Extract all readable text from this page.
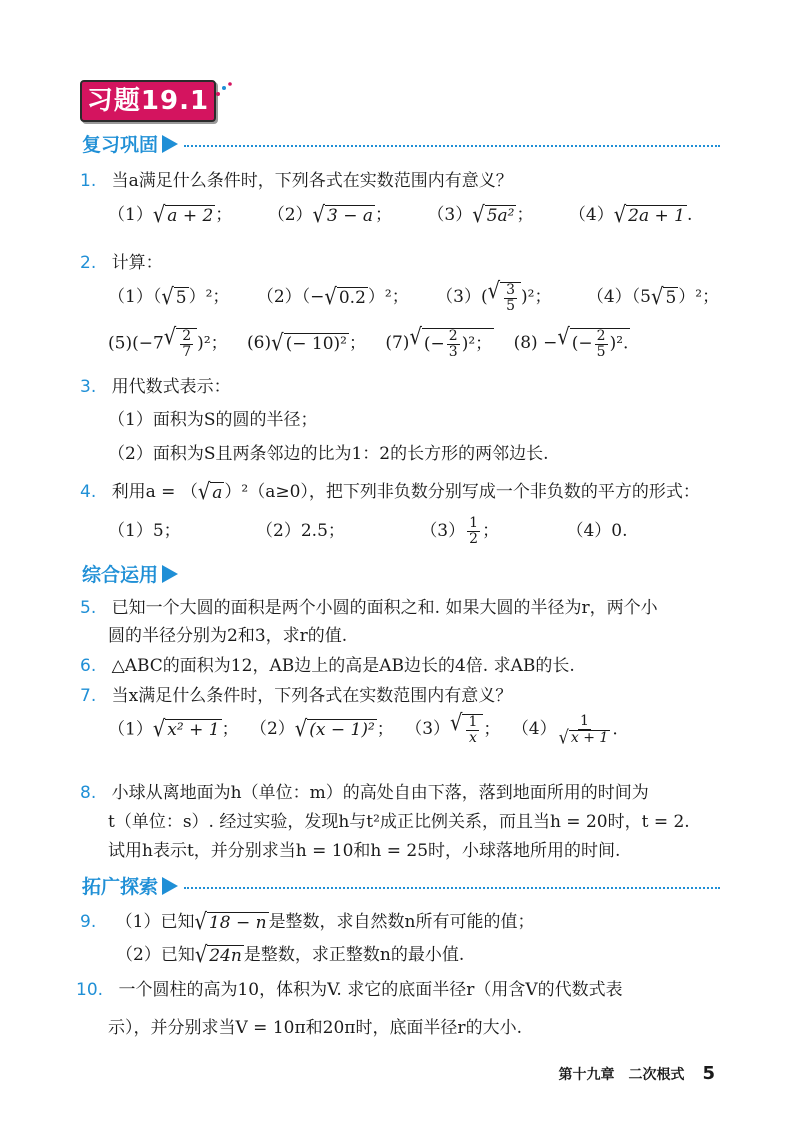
习题19.1
复习巩固
1. 当a满足什么条件时，下列各式在实数范围内有意义？
（1） √ a + 2 ； （2） √ 3 − a ； （3） √ 5a² ； （4） √ 2a + 1 .
2. 计算：
（1）（ √ 5 ）²； （2）（− √ 0.2 ）²； （3）( √ $\frac{3}{5} )^2$； （4）（5 √ 5 ）²；
(5)(−7 √ $\frac{2}{7} )^2$； (6) √ (− 10)² ； (7) √ (− $\frac{2}{3} )^2$； (8) − √ (− $\frac{2}{5} )^2$.
3. 用代数式表示：
（1）面积为S的圆的半径；
（2）面积为S且两条邻边的比为1：2的长方形的两邻边长.
4. 利用a = （ √ a ）²（a≥0），把下列非负数分别写成一个非负数的平方的形式：
（1）5；	（2）2.5；	$(3) \frac{1}{2}$ ；	（4）0.
综合运用
5. 已知一个大圆的面积是两个小圆的面积之和. 如果大圆的半径为r，两个小
圆的半径分别为2和3，求r的值.
6. △ABC的面积为12，AB边上的高是AB边长的4倍. 求AB的长.
7. 当x满足什么条件时，下列各式在实数范围内有意义？
（1） √ x² + 1 ； （2） √ (x − 1)² ； （3） √ $\frac{1}{x}$ ； $(4) \frac{1}{√ x + 1}$ .
8. 小球从离地面为h（单位：m）的高处自由下落，落到地面所用的时间为
t（单位：s）. 经过实验，发现h与t²成正比例关系，而且当h = 20时，t = 2.
试用h表示t，并分别求当h = 10和h = 25时，小球落地所用的时间.
拓广探索
9. （1）已知 √ 18 − n 是整数，求自然数n所有可能的值；
（2）已知 √ 24n 是整数，求正整数n的最小值.
10. 一个圆柱的高为10，体积为V. 求它的底面半径r（用含V的代数式表
示），并分别求当V = 10π和20π时，底面半径r的大小.
第十九章　二次根式 5
